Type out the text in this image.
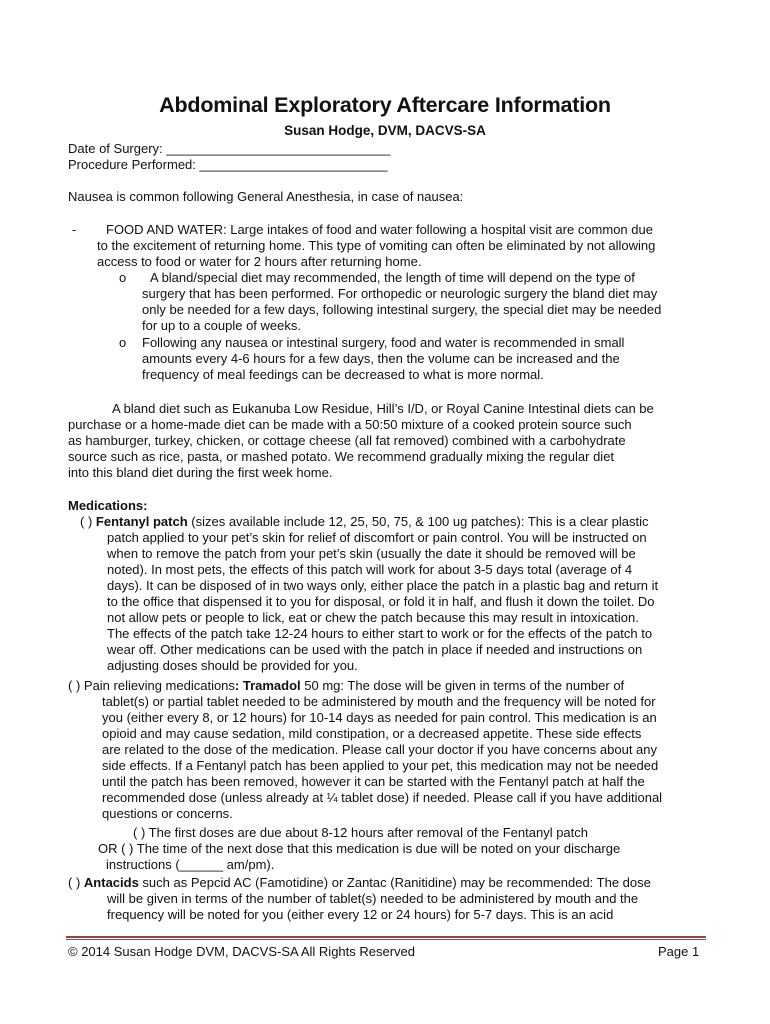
Abdominal Exploratory Aftercare Information
Susan Hodge, DVM, DACVS-SA
Date of Surgery: _______________________________
Procedure Performed: __________________________
Nausea is common following General Anesthesia, in case of nausea:
- FOOD AND WATER: Large intakes of food and water following a hospital visit are common due
to the excitement of returning home. This type of vomiting can often be eliminated by not allowing
access to food or water for 2 hours after returning home.
o A bland/special diet may recommended, the length of time will depend on the type of
surgery that has been performed. For orthopedic or neurologic surgery the bland diet may
only be needed for a few days, following intestinal surgery, the special diet may be needed
for up to a couple of weeks.
o Following any nausea or intestinal surgery, food and water is recommended in small
amounts every 4-6 hours for a few days, then the volume can be increased and the
frequency of meal feedings can be decreased to what is more normal.
A bland diet such as Eukanuba Low Residue, Hill’s I/D, or Royal Canine Intestinal diets can be
purchase or a home-made diet can be made with a 50:50 mixture of a cooked protein source such
as hamburger, turkey, chicken, or cottage cheese (all fat removed) combined with a carbohydrate
source such as rice, pasta, or mashed potato. We recommend gradually mixing the regular diet
into this bland diet during the first week home.
Medications:
( ) Fentanyl patch (sizes available include 12, 25, 50, 75, & 100 ug patches): This is a clear plastic
patch applied to your pet’s skin for relief of discomfort or pain control. You will be instructed on
when to remove the patch from your pet’s skin (usually the date it should be removed will be
noted). In most pets, the effects of this patch will work for about 3-5 days total (average of 4
days). It can be disposed of in two ways only, either place the patch in a plastic bag and return it
to the office that dispensed it to you for disposal, or fold it in half, and flush it down the toilet. Do
not allow pets or people to lick, eat or chew the patch because this may result in intoxication.
The effects of the patch take 12-24 hours to either start to work or for the effects of the patch to
wear off. Other medications can be used with the patch in place if needed and instructions on
adjusting doses should be provided for you.
( ) Pain relieving medications: Tramadol 50 mg: The dose will be given in terms of the number of
tablet(s) or partial tablet needed to be administered by mouth and the frequency will be noted for
you (either every 8, or 12 hours) for 10-14 days as needed for pain control. This medication is an
opioid and may cause sedation, mild constipation, or a decreased appetite. These side effects
are related to the dose of the medication. Please call your doctor if you have concerns about any
side effects. If a Fentanyl patch has been applied to your pet, this medication may not be needed
until the patch has been removed, however it can be started with the Fentanyl patch at half the
recommended dose (unless already at ¼ tablet dose) if needed. Please call if you have additional
questions or concerns.
( ) The first doses are due about 8-12 hours after removal of the Fentanyl patch
OR ( ) The time of the next dose that this medication is due will be noted on your discharge
instructions (______ am/pm).
( ) Antacids such as Pepcid AC (Famotidine) or Zantac (Ranitidine) may be recommended: The dose
will be given in terms of the number of tablet(s) needed to be administered by mouth and the
frequency will be noted for you (either every 12 or 24 hours) for 5-7 days. This is an acid
© 2014 Susan Hodge DVM, DACVS-SA All Rights Reserved	Page 1
